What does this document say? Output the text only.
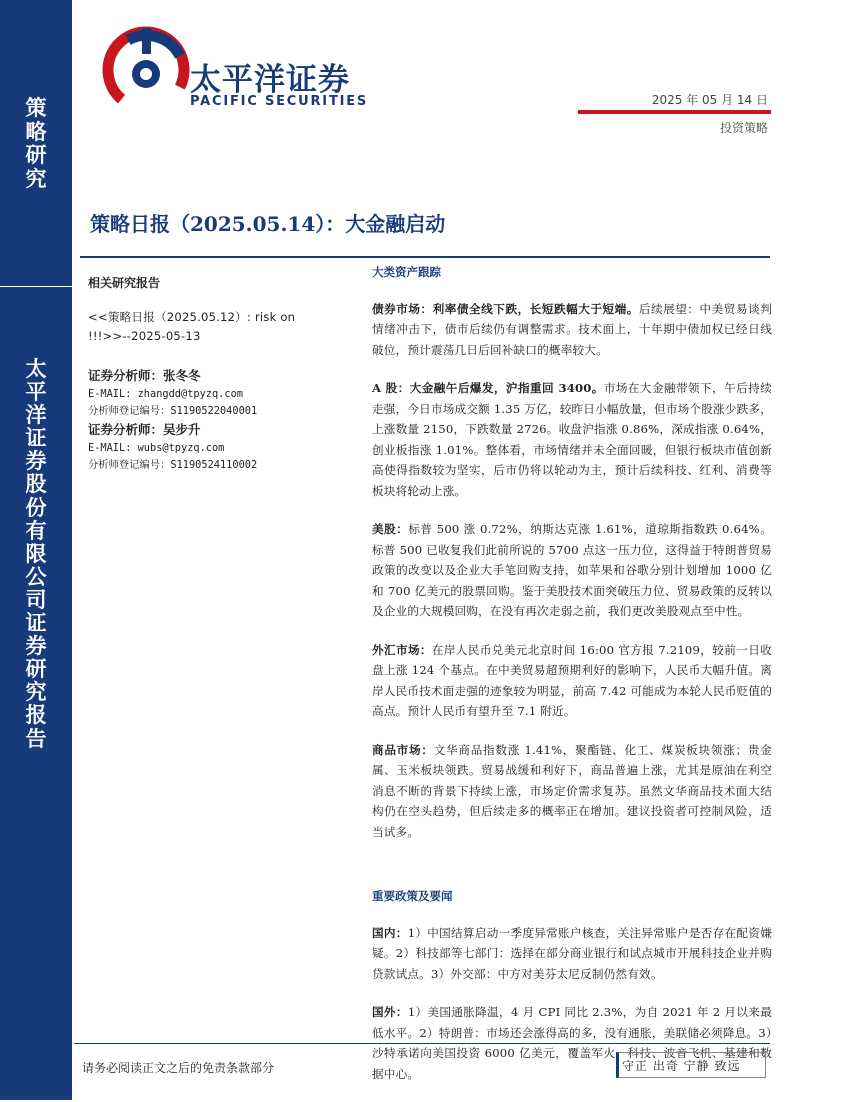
策
略
研
究
太
平
洋
证
券
股
份
有
限
公
司
证
券
研
究
报
告
太平洋证券
PACIFIC SECURITIES	2025 年 05 月 14 日
投资策略
策略日报（2025.05.14）：大金融启动
相关研究报告
<<策略日报（2025.05.12）: risk on !!!>>--2025-05-13
证券分析师：张冬冬
E-MAIL: zhangdd@tpyzq.com
分析师登记编号：S1190522040001
证券分析师：吴步升
E-MAIL: wubs@tpyzq.com
分析师登记编号：S1190524110002
大类资产跟踪

债券市场：利率债全线下跌，长短跌幅大于短端。后续展望：中美贸易谈判情绪冲击下，债市后续仍有调整需求。技术面上，十年期中债加权已经日线破位，预计震荡几日后回补缺口的概率较大。

A 股：大金融午后爆发，沪指重回 3400。市场在大金融带领下，午后持续走强，今日市场成交额 1.35 万亿，较昨日小幅放量，但市场个股涨少跌多，上涨数量 2150，下跌数量 2726。收盘沪指涨 0.86%，深成指涨 0.64%，创业板指涨 1.01%。整体看，市场情绪并未全面回暖，但银行板块市值创新高使得指数较为坚实，后市仍将以轮动为主，预计后续科技、红利、消费等板块将轮动上涨。

美股：标普 500 涨 0.72%，纳斯达克涨 1.61%，道琼斯指数跌 0.64%。标普 500 已收复我们此前所说的 5700 点这一压力位，这得益于特朗普贸易政策的改变以及企业大手笔回购支持，如苹果和谷歌分别计划增加 1000 亿和 700 亿美元的股票回购。鉴于美股技术面突破压力位、贸易政策的反转以及企业的大规模回购，在没有再次走弱之前，我们更改美股观点至中性。

外汇市场：在岸人民币兑美元北京时间 16:00 官方报 7.2109，较前一日收盘上涨 124 个基点。在中美贸易超预期利好的影响下，人民币大幅升值。离岸人民币技术面走强的迹象较为明显，前高 7.42 可能成为本轮人民币贬值的高点。预计人民币有望升至 7.1 附近。

商品市场：文华商品指数涨 1.41%，聚酯链、化工、煤炭板块领涨；贵金属、玉米板块领跌。贸易战缓和利好下，商品普遍上涨，尤其是原油在利空消息不断的背景下持续上涨，市场定价需求复苏。虽然文华商品技术面大结构仍在空头趋势，但后续走多的概率正在增加。建议投资者可控制风险，适当试多。

重要政策及要闻

国内：1）中国结算启动一季度异常账户核查，关注异常账户是否存在配资嫌疑。2）科技部等七部门：选择在部分商业银行和试点城市开展科技企业并购贷款试点。3）外交部：中方对美芬太尼反制仍然有效。

国外：1）美国通胀降温，4 月 CPI 同比 2.3%，为自 2021 年 2 月以来最低水平。2）特朗普：市场还会涨得高的多，没有通胀，美联储必须降息。3）沙特承诺向美国投资 6000 亿美元，覆盖军火、科技、波音飞机、基建和数据中心。

请务必阅读正文之后的免责条款部分	守正 出奇 宁静 致远
